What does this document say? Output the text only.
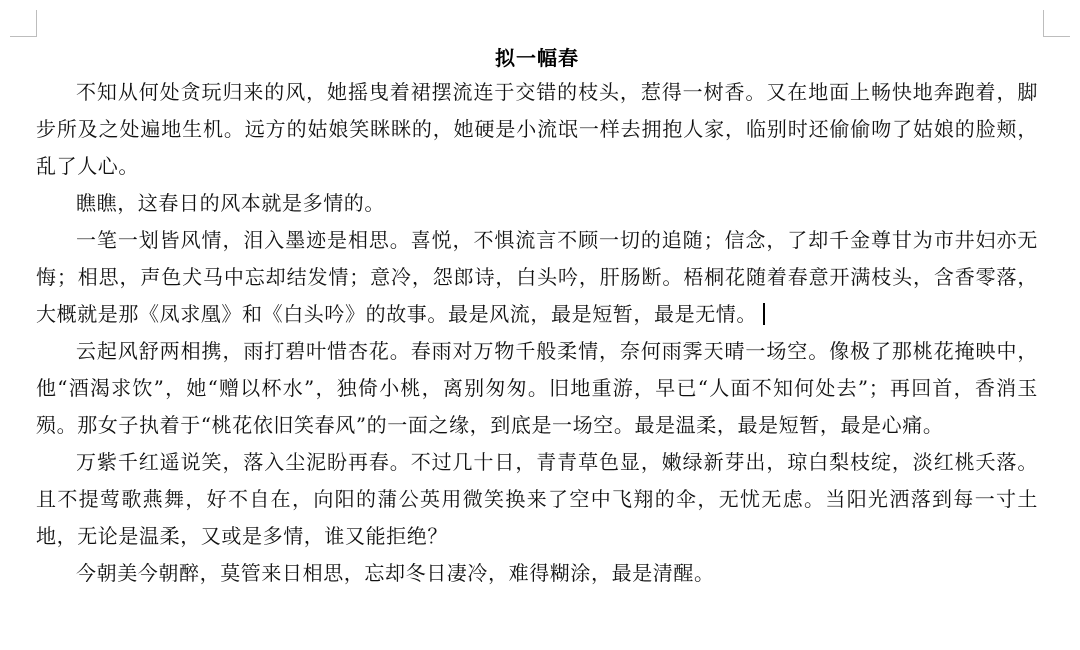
拟一幅春

不知从何处贪玩归来的风，她摇曳着裙摆流连于交错的枝头，惹得一树香。又在地面上畅快地奔跑着，脚步所及之处遍地生机。远方的姑娘笑眯眯的，她硬是小流氓一样去拥抱人家，临别时还偷偷吻了姑娘的脸颊，乱了人心。

瞧瞧，这春日的风本就是多情的。

一笔一划皆风情，泪入墨迹是相思。喜悦，不惧流言不顾一切的追随；信念，了却千金尊甘为市井妇亦无悔；相思，声色犬马中忘却结发情；意冷，怨郎诗，白头吟，肝肠断。梧桐花随着春意开满枝头，含香零落，大概就是那《凤求凰》和《白头吟》的故事。最是风流，最是短暂，最是无情。

云起风舒两相携，雨打碧叶惜杏花。春雨对万物千般柔情，奈何雨霁天晴一场空。像极了那桃花掩映中，他“酒渴求饮”，她“赠以杯水”，独倚小桃，离别匆匆。旧地重游，早已“人面不知何处去”；再回首，香消玉殒。那女子执着于“桃花依旧笑春风”的一面之缘，到底是一场空。最是温柔，最是短暂，最是心痛。

万紫千红遥说笑，落入尘泥盼再春。不过几十日，青青草色显，嫩绿新芽出，琼白梨枝绽，淡红桃夭落。且不提莺歌燕舞，好不自在，向阳的蒲公英用微笑换来了空中飞翔的伞，无忧无虑。当阳光洒落到每一寸土地，无论是温柔，又或是多情，谁又能拒绝？

今朝美今朝醉，莫管来日相思，忘却冬日凄冷，难得糊涂，最是清醒。
